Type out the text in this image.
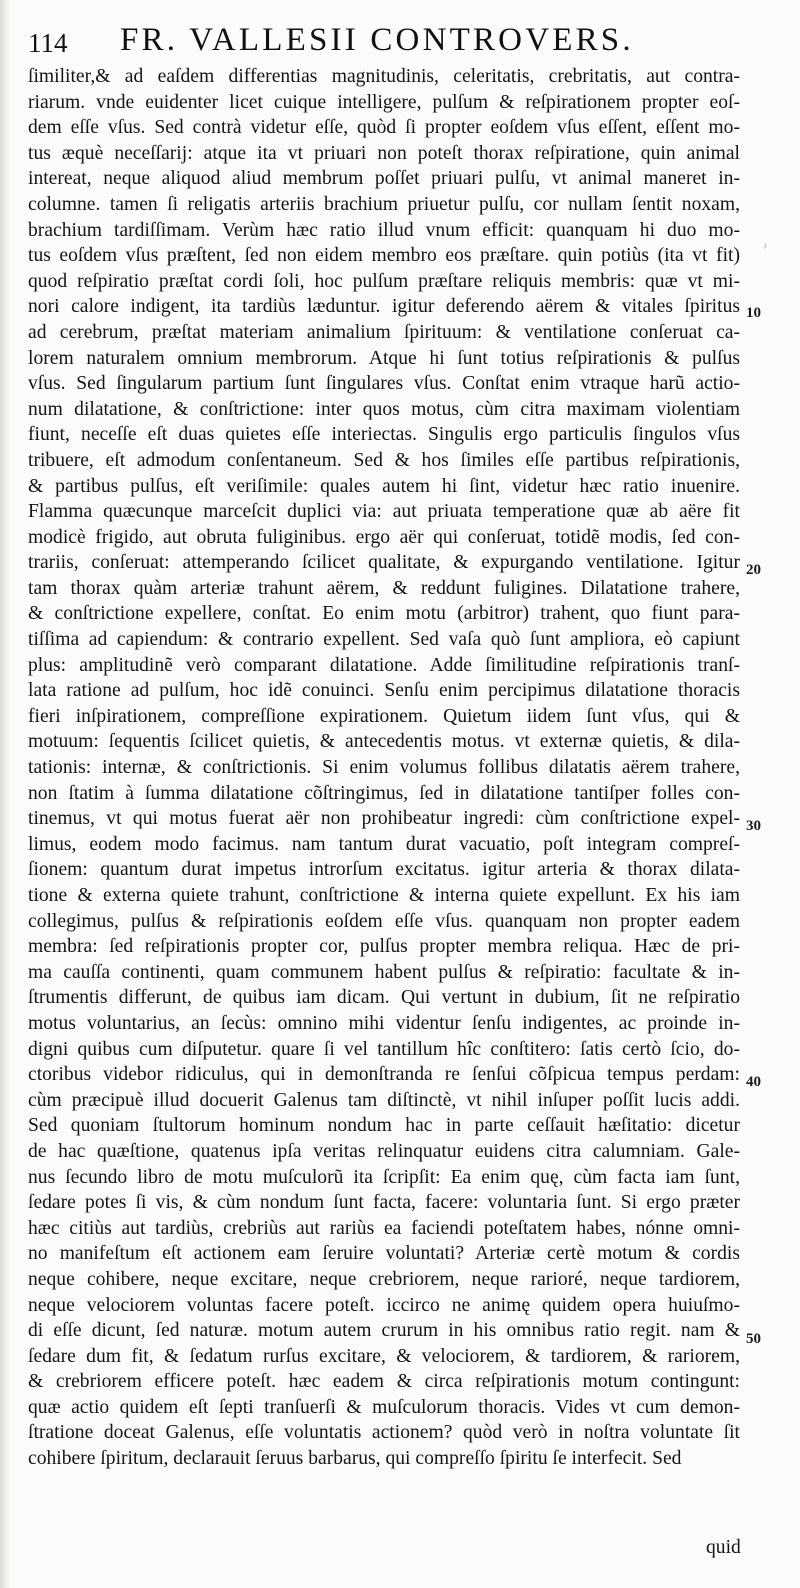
114 FR. VALLESII CONTROVERS.
ſimiliter,& ad eaſdem differentias magnitudinis, celeritatis, crebritatis, aut contra-
riarum. vnde euidenter licet cuique intelligere, pulſum & reſpirationem propter eoſ-
dem eſſe vſus. Sed contrà videtur eſſe, quòd ſi propter eoſdem vſus eſſent, eſſent mo-
tus æquè neceſſarij: atque ita vt priuari non poteſt thorax reſpiratione, quin animal
intereat, neque aliquod aliud membrum poſſet priuari pulſu, vt animal maneret in-
columne. tamen ſi religatis arteriis brachium priuetur pulſu, cor nullam ſentit noxam,
brachium tardiſſimam. Verùm hæc ratio illud vnum efficit: quanquam hi duo mo-
tus eoſdem vſus præſtent, ſed non eidem membro eos præſtare. quin potiùs (ita vt fit)
quod reſpiratio præſtat cordi ſoli, hoc pulſum præſtare reliquis membris: quæ vt mi-
nori calore indigent, ita tardiùs læduntur. igitur deferendo aërem & vitales ſpiritus
ad cerebrum, præſtat materiam animalium ſpirituum: & ventilatione conſeruat ca-
lorem naturalem omnium membrorum. Atque hi ſunt totius reſpirationis & pulſus
vſus. Sed ſingularum partium ſunt ſingulares vſus. Conſtat enim vtraque harũ actio-
num dilatatione, & conſtrictione: inter quos motus, cùm citra maximam violentiam
fiunt, neceſſe eſt duas quietes eſſe interiectas. Singulis ergo particulis ſingulos vſus
tribuere, eſt admodum conſentaneum. Sed & hos ſimiles eſſe partibus reſpirationis,
& partibus pulſus, eſt veriſimile: quales autem hi ſint, videtur hæc ratio inuenire.
Flamma quæcunque marceſcit duplici via: aut priuata temperatione quæ ab aëre fit
modicè frigido, aut obruta fuliginibus. ergo aër qui conſeruat, totidẽ modis, ſed con-
trariis, conſeruat: attemperando ſcilicet qualitate, & expurgando ventilatione. Igitur
tam thorax quàm arteriæ trahunt aërem, & reddunt fuligines. Dilatatione trahere,
& conſtrictione expellere, conſtat. Eo enim motu (arbitror) trahent, quo fiunt para-
tiſſima ad capiendum: & contrario expellent. Sed vaſa quò ſunt ampliora, eò capiunt
plus: amplitudinẽ verò comparant dilatatione. Adde ſimilitudine reſpirationis tranſ-
lata ratione ad pulſum, hoc idẽ conuinci. Senſu enim percipimus dilatatione thoracis
fieri inſpirationem, compreſſione expirationem. Quietum iidem ſunt vſus, qui &
motuum: ſequentis ſcilicet quietis, & antecedentis motus. vt externæ quietis, & dila-
tationis: internæ, & conſtrictionis. Si enim volumus follibus dilatatis aërem trahere,
non ſtatim à ſumma dilatatione cõſtringimus, ſed in dilatatione tantiſper folles con-
tinemus, vt qui motus fuerat aër non prohibeatur ingredi: cùm conſtrictione expel-
limus, eodem modo facimus. nam tantum durat vacuatio, poſt integram compreſ-
ſionem: quantum durat impetus introrſum excitatus. igitur arteria & thorax dilata-
tione & externa quiete trahunt, conſtrictione & interna quiete expellunt. Ex his iam
collegimus, pulſus & reſpirationis eoſdem eſſe vſus. quanquam non propter eadem
membra: ſed reſpirationis propter cor, pulſus propter membra reliqua. Hæc de pri-
ma cauſſa continenti, quam communem habent pulſus & reſpiratio: facultate & in-
ſtrumentis differunt, de quibus iam dicam. Qui vertunt in dubium, ſit ne reſpiratio
motus voluntarius, an ſecùs: omnino mihi videntur ſenſu indigentes, ac proinde in-
digni quibus cum diſputetur. quare ſi vel tantillum hîc conſtitero: ſatis certò ſcio, do-
ctoribus videbor ridiculus, qui in demonſtranda re ſenſui cõſpicua tempus perdam:
cùm præcipuè illud docuerit Galenus tam diſtinctè, vt nihil inſuper poſſit lucis addi.
Sed quoniam ſtultorum hominum nondum hac in parte ceſſauit hæſitatio: dicetur
de hac quæſtione, quatenus ipſa veritas relinquatur euidens citra calumniam. Gale-
nus ſecundo libro de motu muſculorũ ita ſcripſit: Ea enim quę, cùm facta iam ſunt,
ſedare potes ſi vis, & cùm nondum ſunt facta, facere: voluntaria ſunt. Si ergo præter
hæc citiùs aut tardiùs, crebriùs aut rariùs ea faciendi poteſtatem habes, nónne omni-
no manifeſtum eſt actionem eam ſeruire voluntati? Arteriæ certè motum & cordis
neque cohibere, neque excitare, neque crebriorem, neque rarioré, neque tardiorem,
neque velociorem voluntas facere poteſt. iccirco ne animę quidem opera huiuſmo-
di eſſe dicunt, ſed naturæ. motum autem crurum in his omnibus ratio regit. nam &
ſedare dum fit, & ſedatum rurſus excitare, & velociorem, & tardiorem, & rariorem,
& crebriorem efficere poteſt. hæc eadem & circa reſpirationis motum contingunt:
quæ actio quidem eſt ſepti tranſuerſi & muſculorum thoracis. Vides vt cum demon-
ſtratione doceat Galenus, eſſe voluntatis actionem? quòd verò in noſtra voluntate ſit
cohibere ſpiritum, declarauit ſeruus barbarus, qui compreſſo ſpiritu ſe interfecit. Sed
10
20
30
40
50
ˀ
quid
